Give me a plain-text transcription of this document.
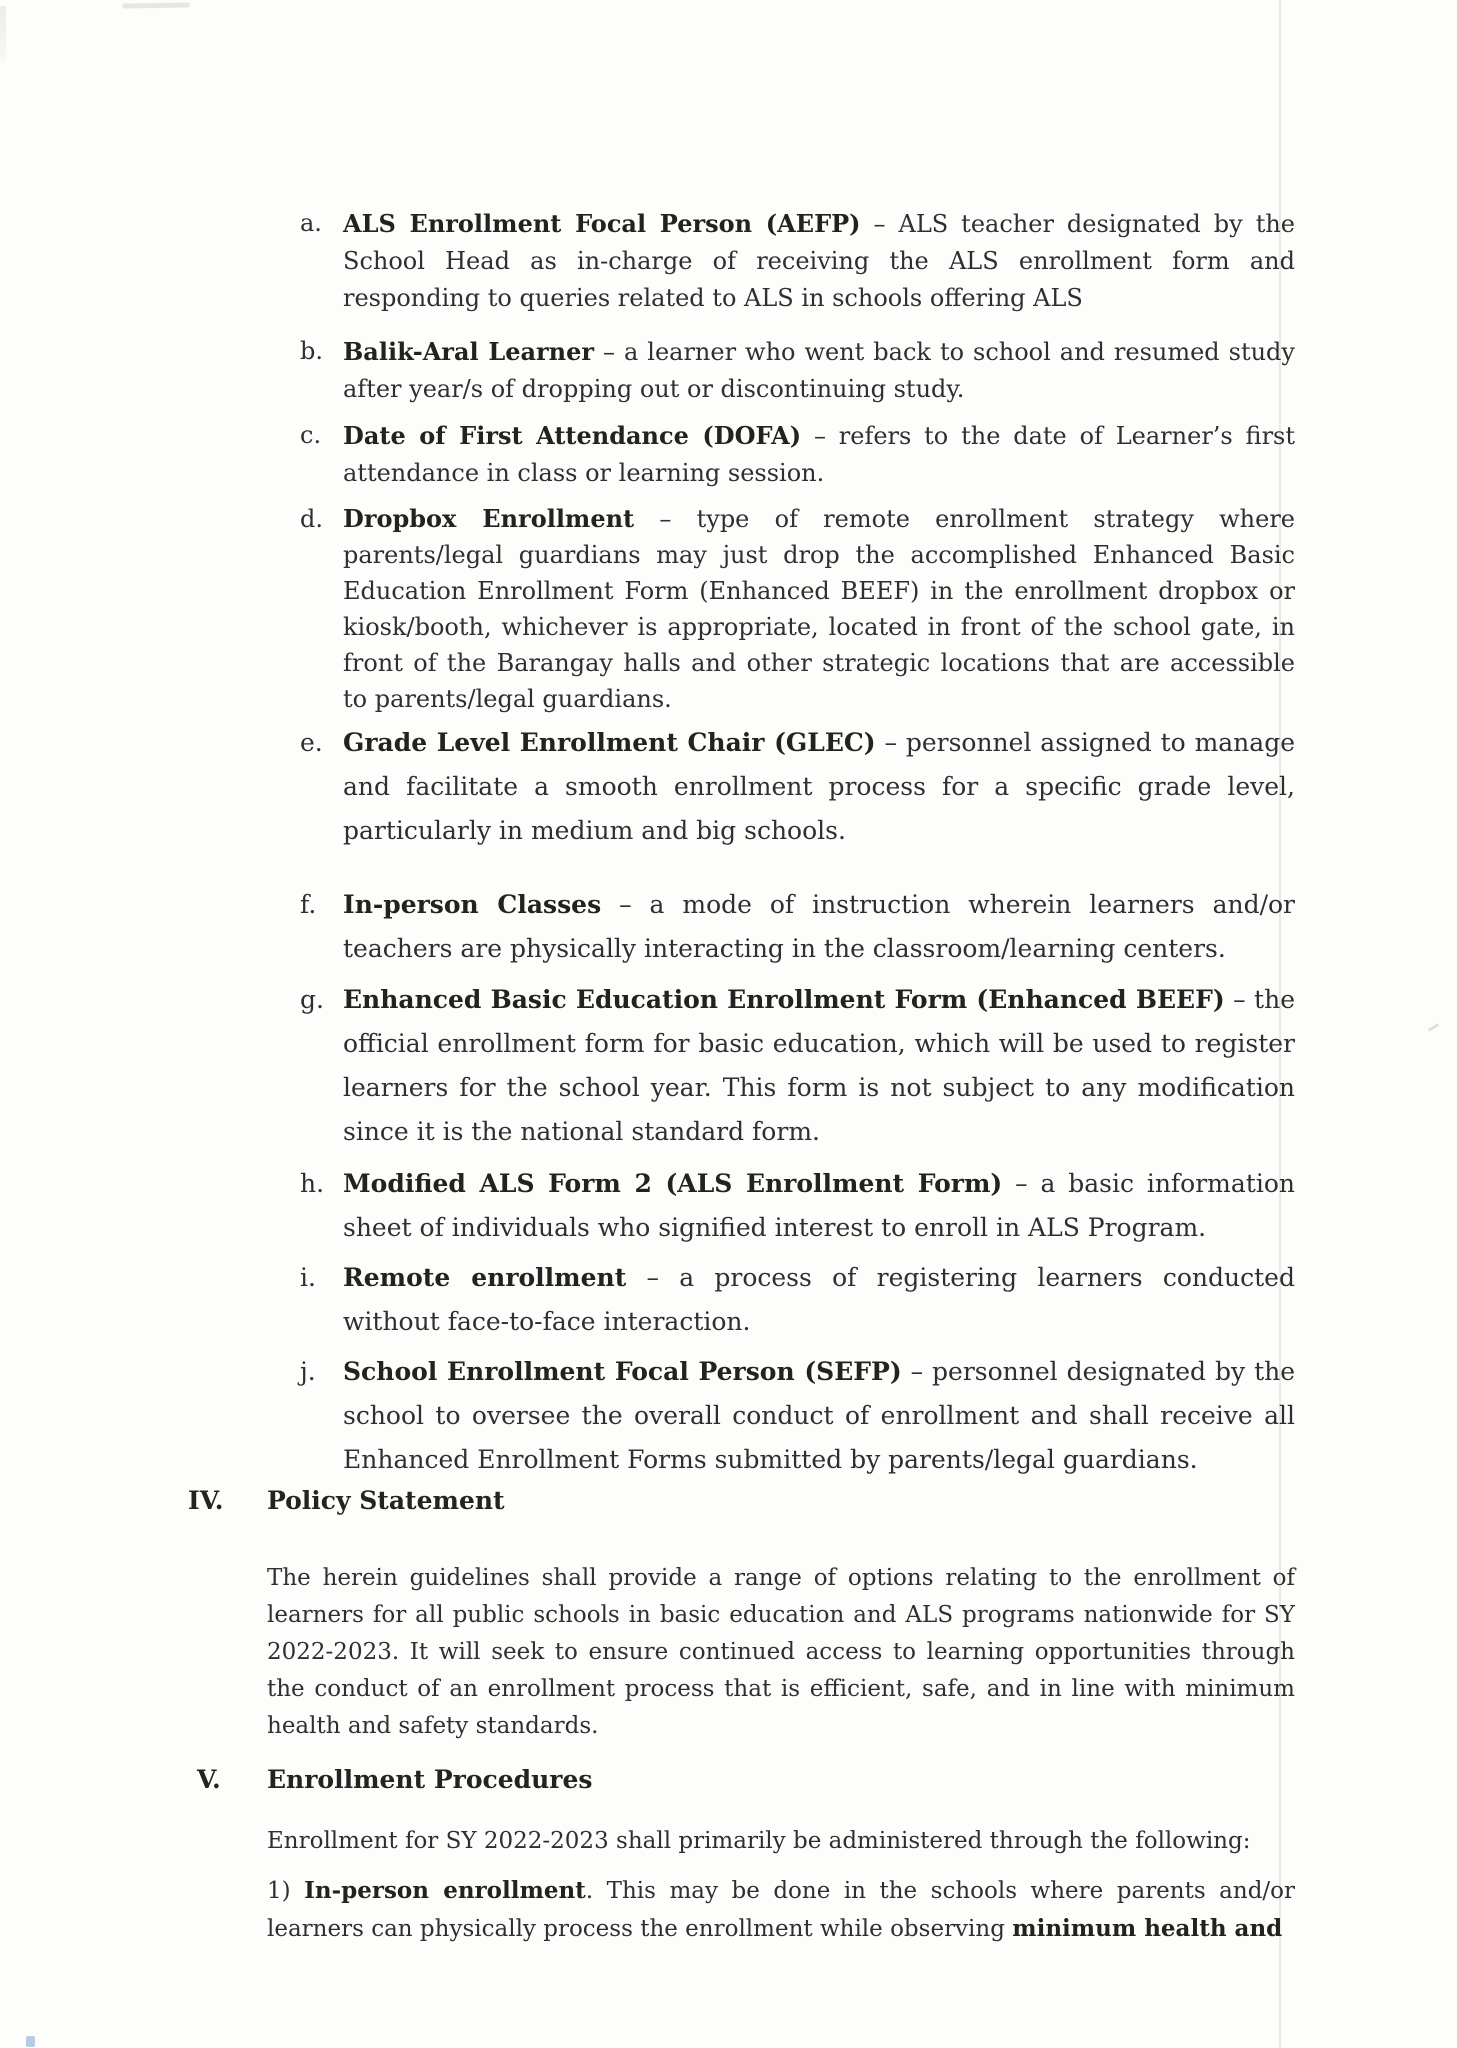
a. ALS Enrollment Focal Person (AEFP) – ALS teacher designated by the School Head as in-charge of receiving the ALS enrollment form and responding to queries related to ALS in schools offering ALS
b. Balik-Aral Learner – a learner who went back to school and resumed study after year/s of dropping out or discontinuing study.
c. Date of First Attendance (DOFA) – refers to the date of Learner’s first attendance in class or learning session.
d. Dropbox Enrollment – type of remote enrollment strategy where parents/legal guardians may just drop the accomplished Enhanced Basic Education Enrollment Form (Enhanced BEEF) in the enrollment dropbox or kiosk/booth, whichever is appropriate, located in front of the school gate, in front of the Barangay halls and other strategic locations that are accessible to parents/legal guardians.
e. Grade Level Enrollment Chair (GLEC) – personnel assigned to manage and facilitate a smooth enrollment process for a specific grade level, particularly in medium and big schools.
f. In-person Classes – a mode of instruction wherein learners and/or teachers are physically interacting in the classroom/learning centers.
g. Enhanced Basic Education Enrollment Form (Enhanced BEEF) – the official enrollment form for basic education, which will be used to register learners for the school year. This form is not subject to any modification since it is the national standard form.
h. Modified ALS Form 2 (ALS Enrollment Form) – a basic information sheet of individuals who signified interest to enroll in ALS Program.
i. Remote enrollment – a process of registering learners conducted without face-to-face interaction.
j. School Enrollment Focal Person (SEFP) – personnel designated by the school to oversee the overall conduct of enrollment and shall receive all Enhanced Enrollment Forms submitted by parents/legal guardians.
IV. Policy Statement
The herein guidelines shall provide a range of options relating to the enrollment of learners for all public schools in basic education and ALS programs nationwide for SY 2022-2023. It will seek to ensure continued access to learning opportunities through the conduct of an enrollment process that is efficient, safe, and in line with minimum health and safety standards.
V. Enrollment Procedures
Enrollment for SY 2022-2023 shall primarily be administered through the following:
1) In-person enrollment. This may be done in the schools where parents and/or learners can physically process the enrollment while observing minimum health and
